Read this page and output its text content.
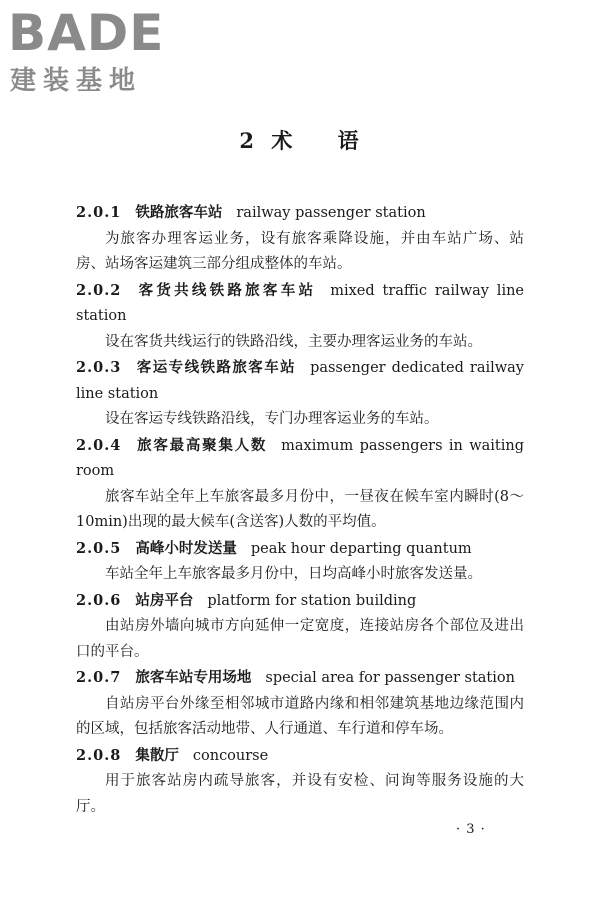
BADE
建装基地
2 术 语

2.0.1 铁路旅客车站 railway passenger station

为旅客办理客运业务，设有旅客乘降设施，并由车站广场、站房、站场客运建筑三部分组成整体的车站。

2.0.2 客货共线铁路旅客车站 mixed traffic railway line station

设在客货共线运行的铁路沿线，主要办理客运业务的车站。

2.0.3 客运专线铁路旅客车站 passenger dedicated railway line station

设在客运专线铁路沿线，专门办理客运业务的车站。

2.0.4 旅客最高聚集人数 maximum passengers in waiting room

旅客车站全年上车旅客最多月份中，一昼夜在候车室内瞬时(8～10min)出现的最大候车(含送客)人数的平均值。

2.0.5 高峰小时发送量 peak hour departing quantum

车站全年上车旅客最多月份中，日均高峰小时旅客发送量。

2.0.6 站房平台 platform for station building

由站房外墙向城市方向延伸一定宽度，连接站房各个部位及进出口的平台。

2.0.7 旅客车站专用场地 special area for passenger station

自站房平台外缘至相邻城市道路内缘和相邻建筑基地边缘范围内的区域，包括旅客活动地带、人行通道、车行道和停车场。

2.0.8 集散厅 concourse

用于旅客站房内疏导旅客，并设有安检、问询等服务设施的大厅。

· 3 ·
